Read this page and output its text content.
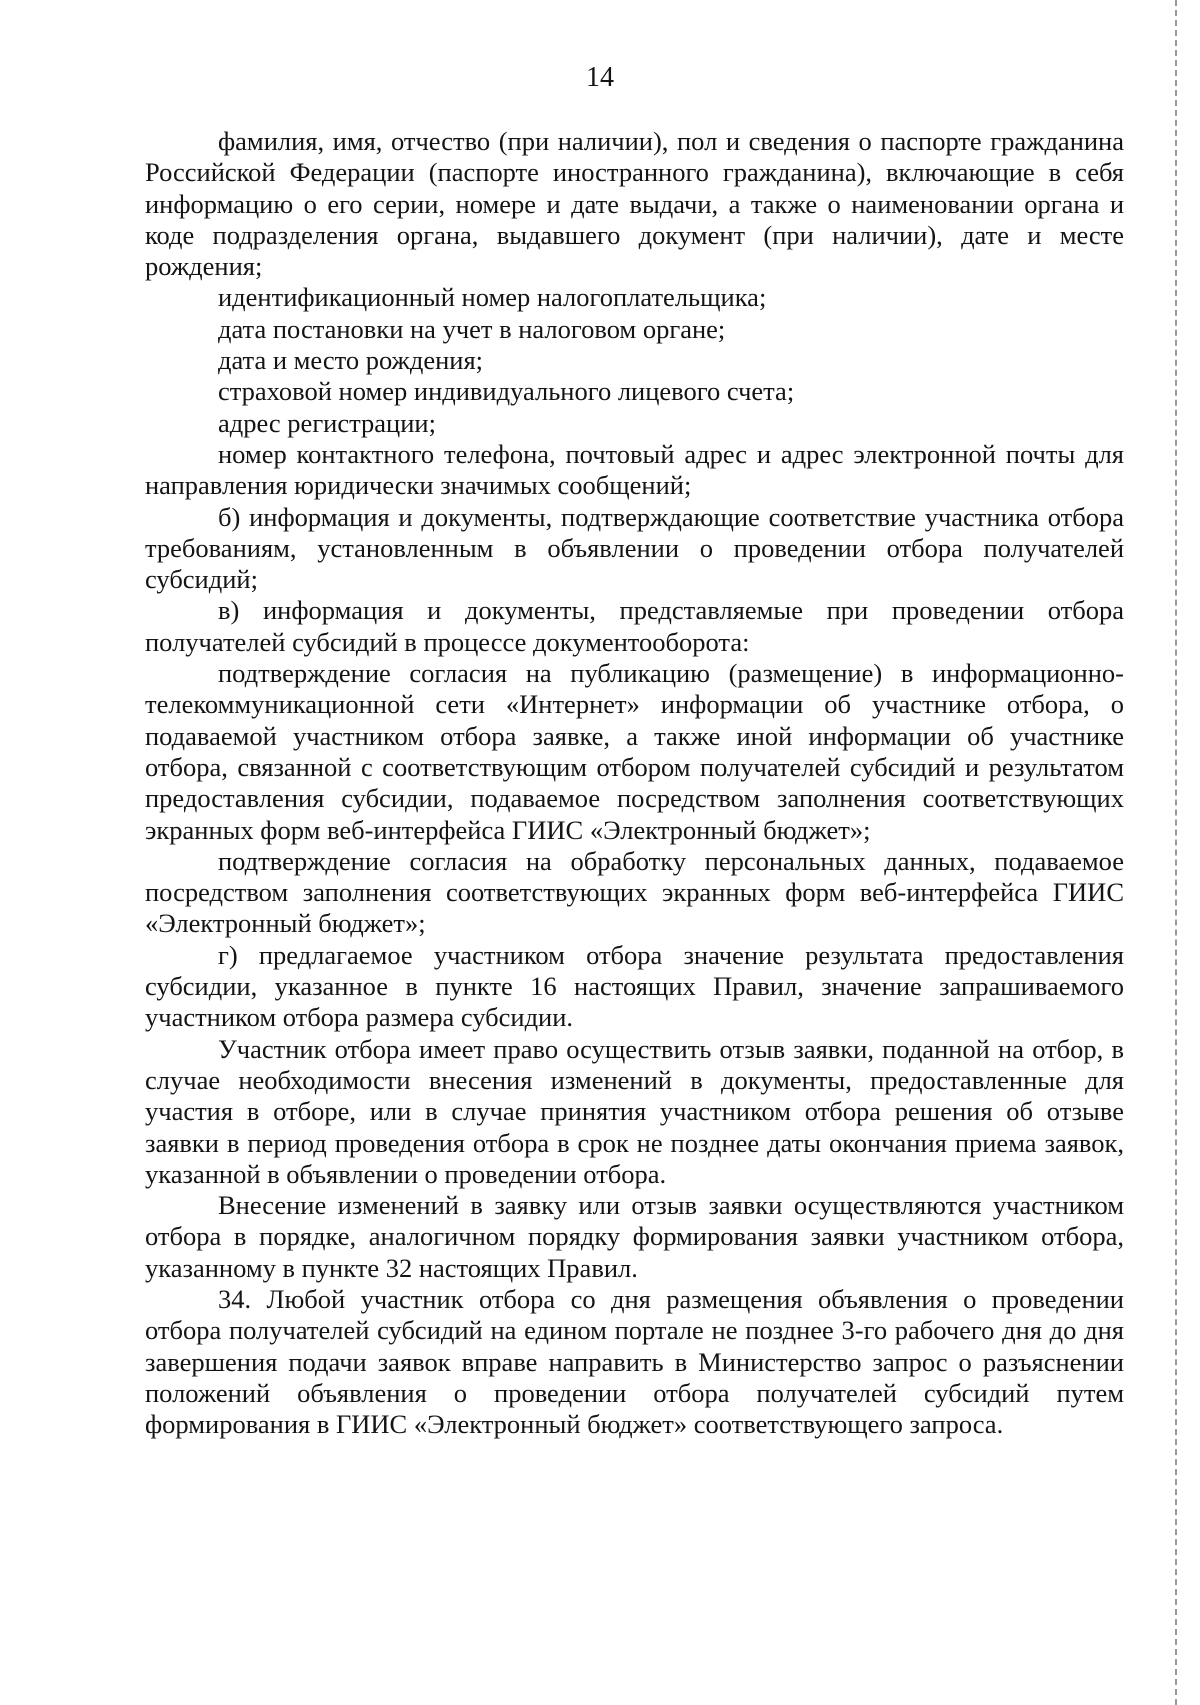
14

фамилия, имя, отчество (при наличии), пол и сведения о паспорте гражданина Российской Федерации (паспорте иностранного гражданина), включающие в себя информацию о его серии, номере и дате выдачи, а также о наименовании органа и коде подразделения органа, выдавшего документ (при наличии), дате и месте рождения;

идентификационный номер налогоплательщика;

дата постановки на учет в налоговом органе;

дата и место рождения;

страховой номер индивидуального лицевого счета;

адрес регистрации;

номер контактного телефона, почтовый адрес и адрес электронной почты для направления юридически значимых сообщений;

б) информация и документы, подтверждающие соответствие участника отбора требованиям, установленным в объявлении о проведении отбора получателей субсидий;

в) информация и документы, представляемые при проведении отбора получателей субсидий в процессе документооборота:

подтверждение согласия на публикацию (размещение) в информационно-телекоммуникационной сети «Интернет» информации об участнике отбора, о подаваемой участником отбора заявке, а также иной информации об участнике отбора, связанной с соответствующим отбором получателей субсидий и результатом предоставления субсидии, подаваемое посредством заполнения соответствующих экранных форм веб-интерфейса ГИИС «Электронный бюджет»;

подтверждение согласия на обработку персональных данных, подаваемое посредством заполнения соответствующих экранных форм веб-интерфейса ГИИС «Электронный бюджет»;

г) предлагаемое участником отбора значение результата предоставления субсидии, указанное в пункте 16 настоящих Правил, значение запрашиваемого участником отбора размера субсидии.

Участник отбора имеет право осуществить отзыв заявки, поданной на отбор, в случае необходимости внесения изменений в документы, предоставленные для участия в отборе, или в случае принятия участником отбора решения об отзыве заявки в период проведения отбора в срок не позднее даты окончания приема заявок, указанной в объявлении о проведении отбора.

Внесение изменений в заявку или отзыв заявки осуществляются участником отбора в порядке, аналогичном порядку формирования заявки участником отбора, указанному в пункте 32 настоящих Правил.

34. Любой участник отбора со дня размещения объявления о проведении отбора получателей субсидий на едином портале не позднее 3-го рабочего дня до дня завершения подачи заявок вправе направить в Министерство запрос о разъяснении положений объявления о проведении отбора получателей субсидий путем формирования в ГИИС «Электронный бюджет» соответствующего запроса.
